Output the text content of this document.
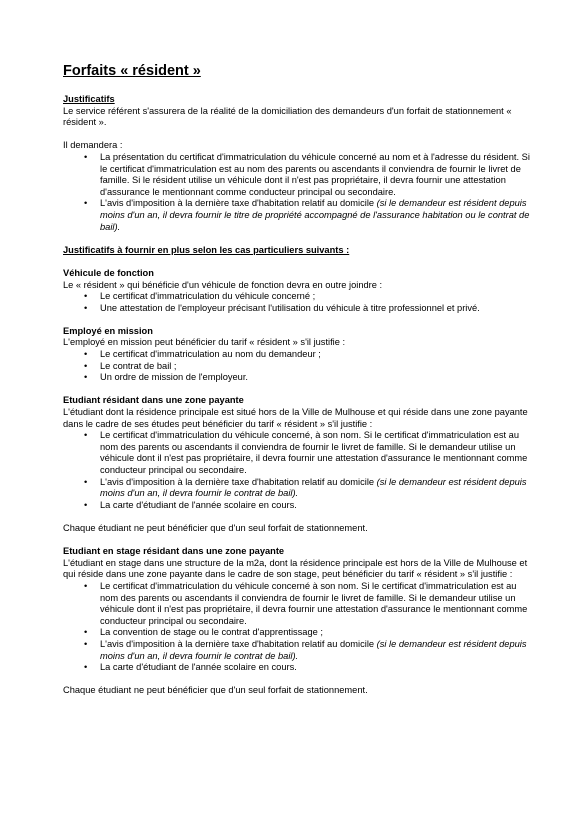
Forfaits « résident »

Justificatifs

Le service référent s'assurera de la réalité de la domiciliation des demandeurs d'un forfait de stationnement « résident ».

Il demandera :

• La présentation du certificat d'immatriculation du véhicule concerné au nom et à l'adresse du résident. Si le certificat d'immatriculation est au nom des parents ou ascendants il conviendra de fournir le livret de famille. Si le résident utilise un véhicule dont il n'est pas propriétaire, il devra fournir une attestation d'assurance le mentionnant comme conducteur principal ou secondaire.
• L'avis d'imposition à la dernière taxe d'habitation relatif au domicile (si le demandeur est résident depuis moins d'un an, il devra fournir le titre de propriété accompagné de l'assurance habitation ou le contrat de bail).

Justificatifs à fournir en plus selon les cas particuliers suivants :

Véhicule de fonction

Le « résident » qui bénéficie d'un véhicule de fonction devra en outre joindre :

• Le certificat d'immatriculation du véhicule concerné ;
• Une attestation de l'employeur précisant l'utilisation du véhicule à titre professionnel et privé.

Employé en mission

L'employé en mission peut bénéficier du tarif « résident » s'il justifie :

• Le certificat d'immatriculation au nom du demandeur ;
• Le contrat de bail ;
• Un ordre de mission de l'employeur.

Etudiant résidant dans une zone payante

L'étudiant dont la résidence principale est situé hors de la Ville de Mulhouse et qui réside dans une zone payante dans le cadre de ses études peut bénéficier du tarif « résident » s'il justifie :

• Le certificat d'immatriculation du véhicule concerné, à son nom. Si le certificat d'immatriculation est au nom des parents ou ascendants il conviendra de fournir le livret de famille. Si le demandeur utilise un véhicule dont il n'est pas propriétaire, il devra fournir une attestation d'assurance le mentionnant comme conducteur principal ou secondaire.
• L'avis d'imposition à la dernière taxe d'habitation relatif au domicile (si le demandeur est résident depuis moins d'un an, il devra fournir le contrat de bail).
• La carte d'étudiant de l'année scolaire en cours.

Chaque étudiant ne peut bénéficier que d'un seul forfait de stationnement.

Etudiant en stage résidant dans une zone payante

L'étudiant en stage dans une structure de la m2a, dont la résidence principale est hors de la Ville de Mulhouse et qui réside dans une zone payante dans le cadre de son stage, peut bénéficier du tarif « résident » s'il justifie :

• Le certificat d'immatriculation du véhicule concerné à son nom. Si le certificat d'immatriculation est au nom des parents ou ascendants il conviendra de fournir le livret de famille. Si le demandeur utilise un véhicule dont il n'est pas propriétaire, il devra fournir une attestation d'assurance le mentionnant comme conducteur principal ou secondaire.
• La convention de stage ou le contrat d'apprentissage ;
• L'avis d'imposition à la dernière taxe d'habitation relatif au domicile (si le demandeur est résident depuis moins d'un an, il devra fournir le contrat de bail).
• La carte d'étudiant de l'année scolaire en cours.

Chaque étudiant ne peut bénéficier que d'un seul forfait de stationnement.
